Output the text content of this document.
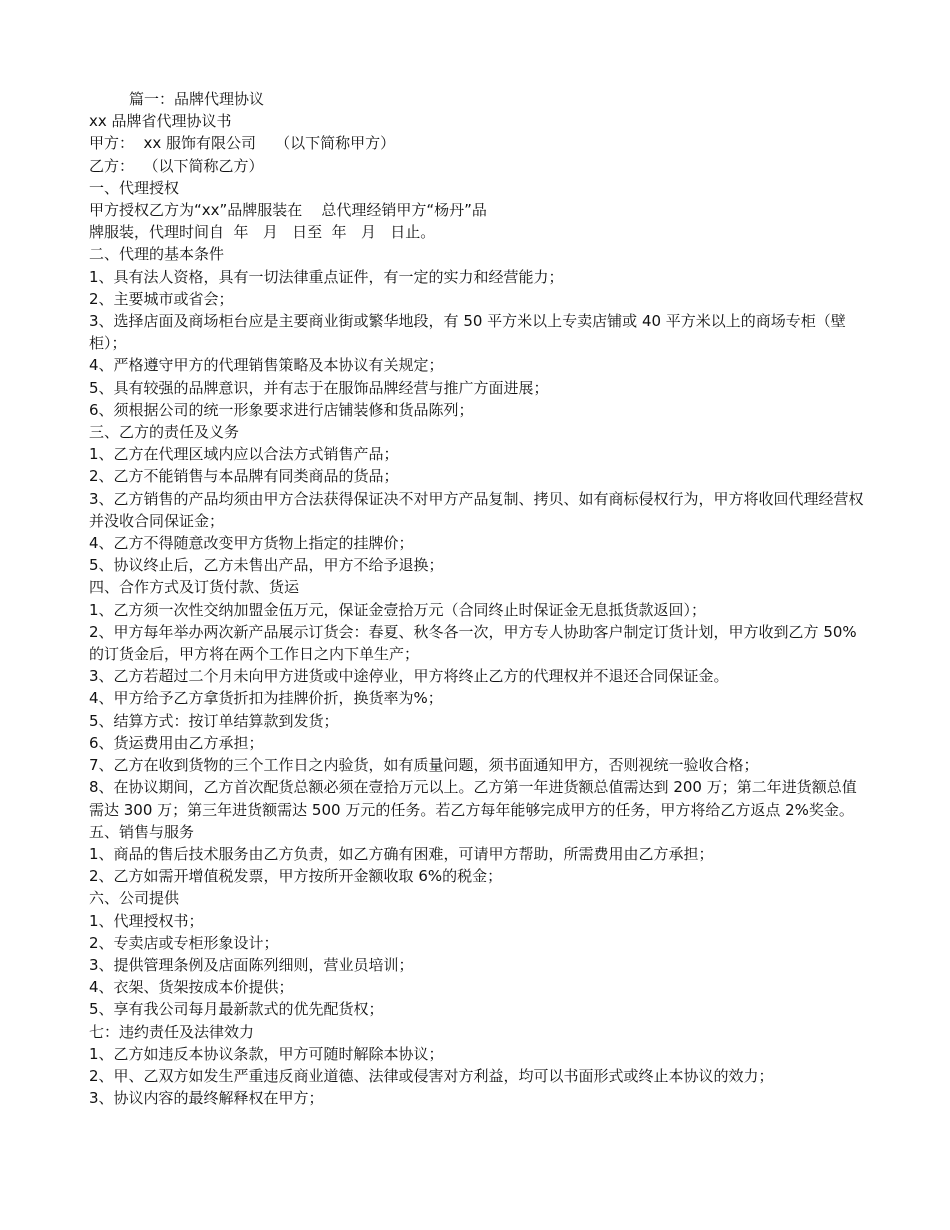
篇一：品牌代理协议
xx 品牌省代理协议书
甲方：  xx 服饰有限公司    （以下简称甲方）
乙方：  （以下简称乙方）
一、代理授权
甲方授权乙方为“xx”品牌服装在    总代理经销甲方“杨丹”品
牌服装，代理时间自  年   月   日至  年   月   日止。
二、代理的基本条件
1、具有法人资格，具有一切法律重点证件，有一定的实力和经营能力；
2、主要城市或省会；
3、选择店面及商场柜台应是主要商业街或繁华地段，有 50 平方米以上专卖店铺或 40 平方米以上的商场专柜（壁柜）；
4、严格遵守甲方的代理销售策略及本协议有关规定；
5、具有较强的品牌意识，并有志于在服饰品牌经营与推广方面进展；
6、须根据公司的统一形象要求进行店铺装修和货品陈列；
三、乙方的责任及义务
1、乙方在代理区域内应以合法方式销售产品；
2、乙方不能销售与本品牌有同类商品的货品；
3、乙方销售的产品均须由甲方合法获得保证决不对甲方产品复制、拷贝、如有商标侵权行为，甲方将收回代理经营权并没收合同保证金；
4、乙方不得随意改变甲方货物上指定的挂牌价；
5、协议终止后，乙方未售出产品，甲方不给予退换；
四、合作方式及订货付款、货运
1、乙方须一次性交纳加盟金伍万元，保证金壹拾万元（合同终止时保证金无息抵货款返回）；
2、甲方每年举办两次新产品展示订货会：春夏、秋冬各一次，甲方专人协助客户制定订货计划，甲方收到乙方 50%的订货金后，甲方将在两个工作日之内下单生产；
3、乙方若超过二个月未向甲方进货或中途停业，甲方将终止乙方的代理权并不退还合同保证金。
4、甲方给予乙方拿货折扣为挂牌价折，换货率为%；
5、结算方式：按订单结算款到发货；
6、货运费用由乙方承担；
7、乙方在收到货物的三个工作日之内验货，如有质量问题，须书面通知甲方，否则视统一验收合格；
8、在协议期间，乙方首次配货总额必须在壹拾万元以上。乙方第一年进货额总值需达到 200 万；第二年进货额总值需达 300 万；第三年进货额需达 500 万元的任务。若乙方每年能够完成甲方的任务，甲方将给乙方返点 2%奖金。
五、销售与服务
1、商品的售后技术服务由乙方负责，如乙方确有困难，可请甲方帮助，所需费用由乙方承担；
2、乙方如需开增值税发票，甲方按所开金额收取 6%的税金；
六、公司提供
1、代理授权书；
2、专卖店或专柜形象设计；
3、提供管理条例及店面陈列细则，营业员培训；
4、衣架、货架按成本价提供；
5、享有我公司每月最新款式的优先配货权；
七：违约责任及法律效力
1、乙方如违反本协议条款，甲方可随时解除本协议；
2、甲、乙双方如发生严重违反商业道德、法律或侵害对方利益，均可以书面形式或终止本协议的效力；
3、协议内容的最终解释权在甲方；
